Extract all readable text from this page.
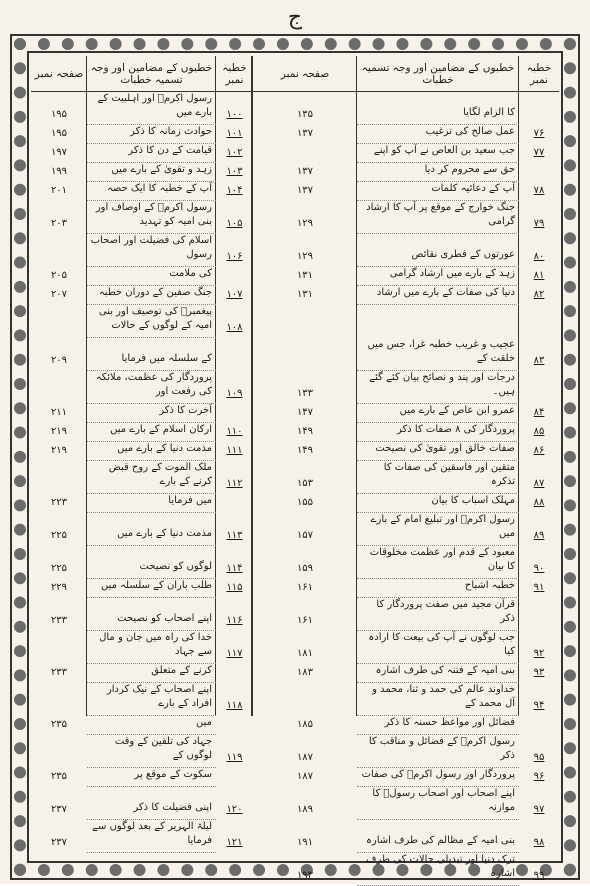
ج
خطبہ نمبر
خطبوں کے مضامین اور وجہ تسمیہ خطبات
صفحہ نمبر
خطبہ نمبر
خطبوں کے مضامین اور وجہ تسمیہ خطبات
صفحہ نمبر
کا الزام لگایا
۱۳۵
۷۶
عمل صالح کی ترغیب
۱۳۷
۷۷
جب سعید بن العاص نے آپ کو اپنے
حق سے محروم کر دیا
۱۳۷
۷۸
آپ کے دعائیہ کلمات
۱۳۷
۷۹
جنگ خوارج کے موقع پر آپ کا ارشاد گرامی
۱۲۹
۸۰
عورتوں کے فطری نقائص
۱۲۹
۸۱
زہد کے بارے میں ارشاد گرامی
۱۳۱
۸۲
دنیا کی صفات کے بارے میں ارشاد
۱۳۱
۸۳
عجیب و غریب خطبہ غرا، جس میں خلقت کے
درجات اور پند و نصائح بیان کئے گئے ہیں۔
۱۳۳
۸۴
عمرو ابن عاص کے بارے میں
۱۴۷
۸۵
پروردگار کی ۸ صفات کا ذکر
۱۴۹
۸۶
صفات خالق اور تقویٰ کی نصیحت
۱۴۹
۸۷
متقین اور فاسقین کی صفات کا تذکرہ
۱۵۳
۸۸
مہلک اسباب کا بیان
۱۵۵
۸۹
رسول اکرمؐ اور تبلیغ امام کے بارے میں
۱۵۷
۹۰
معبود کے قدم اور عظمت مخلوقات کا بیان
۱۵۹
۹۱
خطبہ اشباح
۱۶۱
قرآن مجید میں صفت پروردگار کا ذکر
۱۶۱
۹۲
جب لوگوں نے آپ کی بیعت کا ارادہ کیا
۱۸۱
۹۳
بنی امیہ کے فتنہ کی طرف اشارہ
۱۸۳
۹۴
خداوند عالم کی حمد و ثنا، محمد و آل محمد کے
فضائل اور مواعظ حسنہ کا ذکر
۱۸۵
۹۵
رسول اکرمؐ کے فضائل و مناقب کا ذکر
۱۸۷
۹۶
پروردگار اور رسول اکرمؐ کی صفات
۱۸۷
۹۷
اپنے اصحاب اور اصحاب رسولؐ کا موازنہ
۱۸۹
۹۸
بنی امیہ کے مظالم کی طرف اشارہ
۱۹۱
۹۹
ترک دنیا اور تبدیلی حالات کی طرف اشارہ
۱۹۳
۱۰۰
رسول اکرمؐ اور اہلبیت کے بارے میں
۱۹۵
۱۰۱
حوادث زمانہ کا ذکر
۱۹۵
۱۰۲
قیامت کے دن کا ذکر
۱۹۷
۱۰۳
زہد و تقویٰ کے بارے میں
۱۹۹
۱۰۴
آپ کے خطبہ کا ایک حصہ
۲۰۱
۱۰۵
رسول اکرمؐ کے اوصاف اور بنی امیہ کو تہدید
۲۰۳
۱۰۶
اسلام کی فضیلت اور اصحاب رسول
کی ملامت
۲۰۵
۱۰۷
جنگ صفین کے دوران خطبہ
۲۰۷
۱۰۸
پیغمبرؐ کی توصیف اور بنی امیہ کے لوگوں کے حالات
کے سلسلہ میں فرمایا
۲۰۹
۱۰۹
پروردگار کی عظمت، ملائکہ کی رفعت اور
آخرت کا ذکر
۲۱۱
۱۱۰
ارکان اسلام کے بارے میں
۲۱۹
۱۱۱
مذمت دنیا کے بارے میں
۲۱۹
۱۱۲
ملک الموت کے روح قبض کرنے کے بارے
میں فرمایا
۲۲۳
۱۱۳
مذمت دنیا کے بارے میں
۲۲۵
۱۱۴
لوگوں کو نصیحت
۲۲۵
۱۱۵
طلب باران کے سلسلہ میں
۲۲۹
۱۱۶
اپنے اصحاب کو نصیحت
۲۳۳
۱۱۷
خدا کی راہ میں جان و مال سے جہاد
کرنے کے متعلق
۲۳۳
۱۱۸
اپنے اصحاب کے نیک کردار افراد کے بارے
میں
۲۳۵
۱۱۹
جہاد کی تلقین کے وقت لوگوں کے
سکوت کے موقع پر
۲۳۵
۱۲۰
اپنی فضیلت کا ذکر
۲۳۷
۱۲۱
لیلۃ الہریر کے بعد لوگوں سے فرمایا
۲۳۷
